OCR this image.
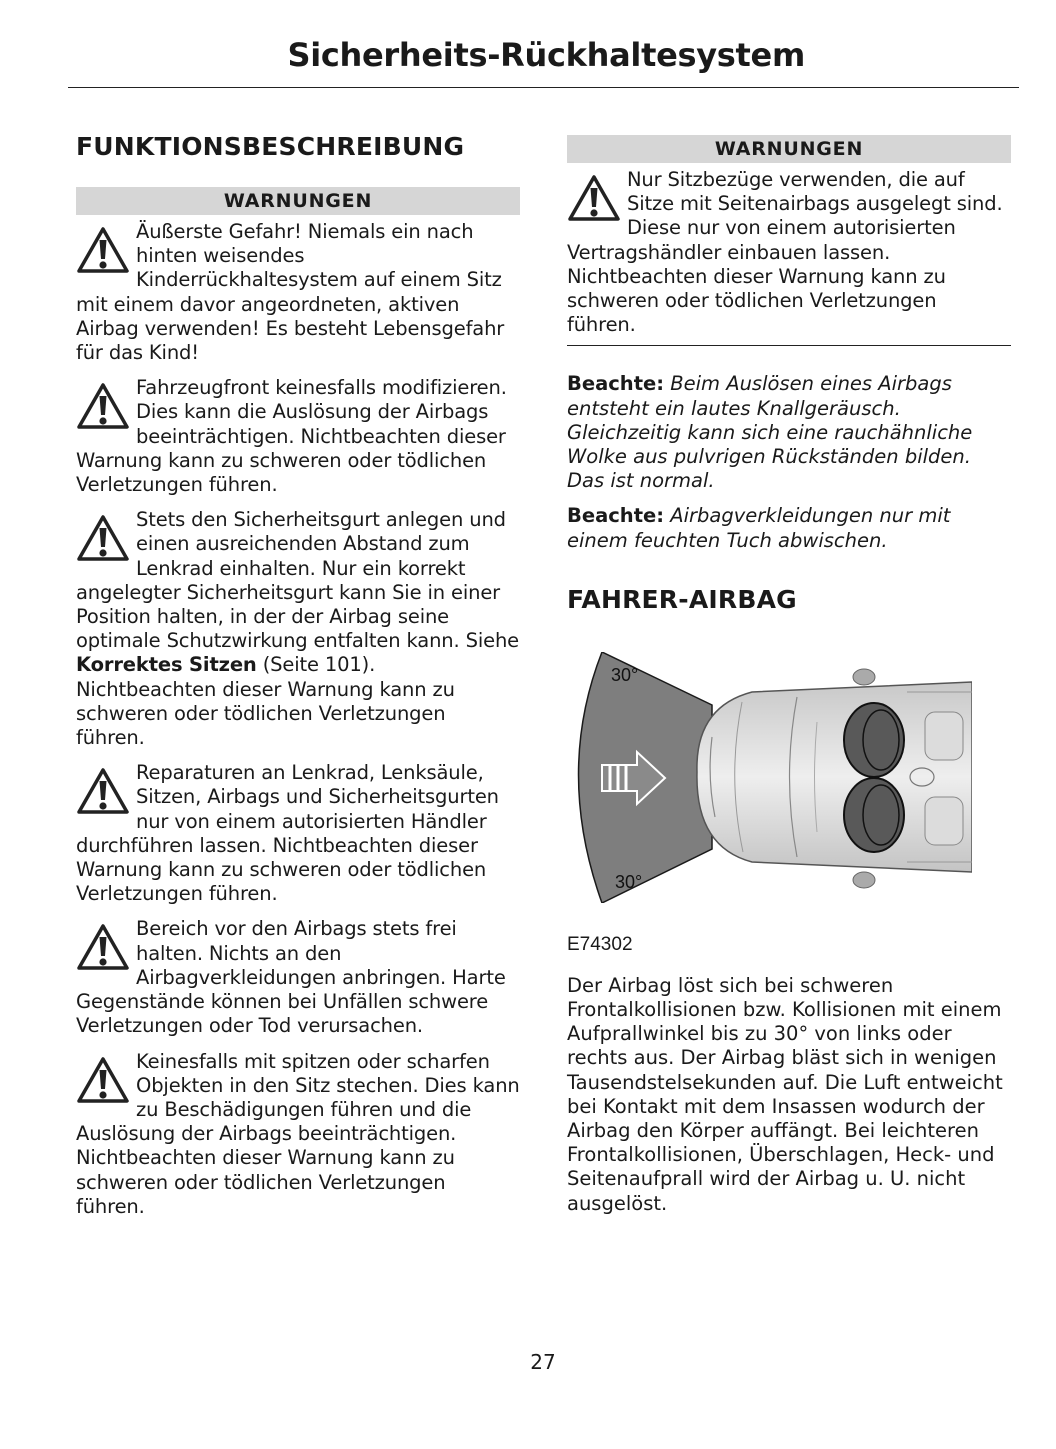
Sicherheits-Rückhaltesystem
FUNKTIONSBESCHREIBUNG
WARNUNGEN
Äußerste Gefahr! Niemals ein nach hinten weisendes Kinderrückhaltesystem auf einem Sitz mit einem davor angeordneten, aktiven Airbag verwenden! Es besteht Lebensgefahr für das Kind!
Fahrzeugfront keinesfalls modifizieren. Dies kann die Auslösung der Airbags beeinträchtigen. Nichtbeachten dieser Warnung kann zu schweren oder tödlichen Verletzungen führen.
Stets den Sicherheitsgurt anlegen und einen ausreichenden Abstand zum Lenkrad einhalten. Nur ein korrekt angelegter Sicherheitsgurt kann Sie in einer Position halten, in der der Airbag seine optimale Schutzwirkung entfalten kann. Siehe Korrektes Sitzen (Seite 101). Nichtbeachten dieser Warnung kann zu schweren oder tödlichen Verletzungen führen.
Reparaturen an Lenkrad, Lenksäule, Sitzen, Airbags und Sicherheitsgurten nur von einem autorisierten Händler durchführen lassen. Nichtbeachten dieser Warnung kann zu schweren oder tödlichen Verletzungen führen.
Bereich vor den Airbags stets frei halten. Nichts an den Airbagverkleidungen anbringen. Harte Gegenstände können bei Unfällen schwere Verletzungen oder Tod verursachen.
Keinesfalls mit spitzen oder scharfen Objekten in den Sitz stechen. Dies kann zu Beschädigungen führen und die Auslösung der Airbags beeinträchtigen. Nichtbeachten dieser Warnung kann zu schweren oder tödlichen Verletzungen führen.
WARNUNGEN
Nur Sitzbezüge verwenden, die auf Sitze mit Seitenairbags ausgelegt sind. Diese nur von einem autorisierten Vertragshändler einbauen lassen. Nichtbeachten dieser Warnung kann zu schweren oder tödlichen Verletzungen führen.

Beachte: Beim Auslösen eines Airbags entsteht ein lautes Knallgeräusch. Gleichzeitig kann sich eine rauchähnliche Wolke aus pulvrigen Rückständen bilden. Das ist normal.

Beachte: Airbagverkleidungen nur mit einem feuchten Tuch abwischen.

FAHRER-AIRBAG
30°
30°
E74302

Der Airbag löst sich bei schweren Frontalkollisionen bzw. Kollisionen mit einem Aufprallwinkel bis zu 30° von links oder rechts aus. Der Airbag bläst sich in wenigen Tausendstelsekunden auf. Die Luft entweicht bei Kontakt mit dem Insassen wodurch der Airbag den Körper auffängt. Bei leichteren Frontalkollisionen, Überschlagen, Heck- und Seitenaufprall wird der Airbag u. U. nicht ausgelöst.

27
